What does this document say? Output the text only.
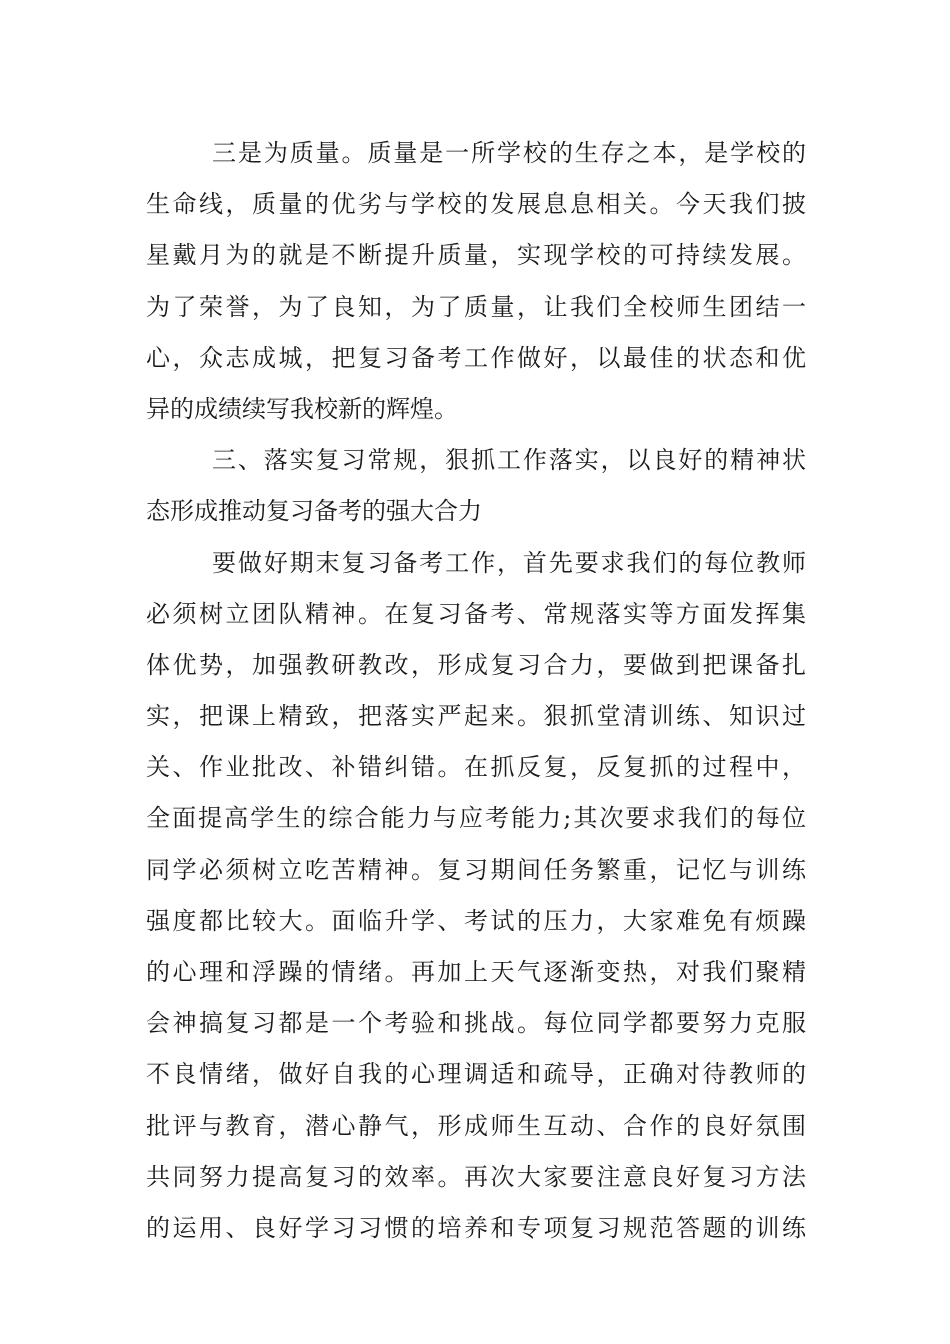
三是为质量。质量是一所学校的生存之本，是学校的
生命线，质量的优劣与学校的发展息息相关。今天我们披
星戴月为的就是不断提升质量，实现学校的可持续发展。
为了荣誉，为了良知，为了质量，让我们全校师生团结一
心，众志成城，把复习备考工作做好，以最佳的状态和优
异的成绩续写我校新的辉煌。
三、落实复习常规，狠抓工作落实，以良好的精神状
态形成推动复习备考的强大合力
要做好期末复习备考工作，首先要求我们的每位教师
必须树立团队精神。在复习备考、常规落实等方面发挥集
体优势，加强教研教改，形成复习合力，要做到把课备扎
实，把课上精致，把落实严起来。狠抓堂清训练、知识过
关、作业批改、补错纠错。在抓反复，反复抓的过程中，
全面提高学生的综合能力与应考能力;其次要求我们的每位
同学必须树立吃苦精神。复习期间任务繁重，记忆与训练
强度都比较大。面临升学、考试的压力，大家难免有烦躁
的心理和浮躁的情绪。再加上天气逐渐变热，对我们聚精
会神搞复习都是一个考验和挑战。每位同学都要努力克服
不良情绪，做好自我的心理调适和疏导，正确对待教师的
批评与教育，潜心静气，形成师生互动、合作的良好氛围
共同努力提高复习的效率。再次大家要注意良好复习方法
的运用、良好学习习惯的培养和专项复习规范答题的训练
